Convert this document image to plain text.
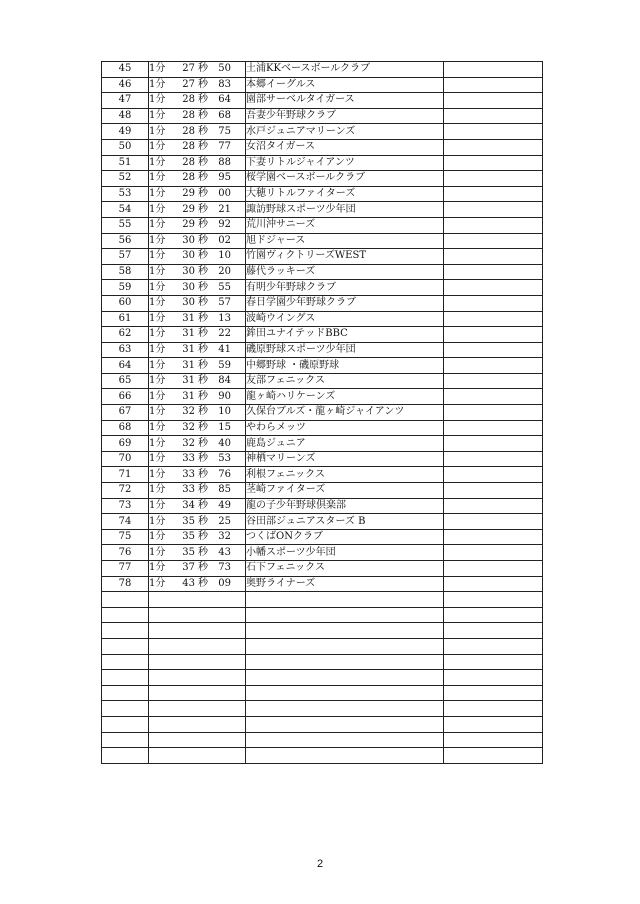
45	1分 27 秒 50	土浦KKベースボールクラブ	
46	1分 27 秒 83	本郷イーグルス	
47	1分 28 秒 64	園部サーベルタイガース	
48	1分 28 秒 68	吾妻少年野球クラブ	
49	1分 28 秒 75	水戸ジュニアマリーンズ	
50	1分 28 秒 77	女沼タイガース	
51	1分 28 秒 88	下妻リトルジャイアンツ	
52	1分 28 秒 95	桜学園ベースボールクラブ	
53	1分 29 秒 00	大穂リトルファイターズ	
54	1分 29 秒 21	諏訪野球スポーツ少年団	
55	1分 29 秒 92	荒川沖サニーズ	
56	1分 30 秒 02	旭ドジャース	
57	1分 30 秒 10	竹園ヴィクトリーズWEST	
58	1分 30 秒 20	藤代ラッキーズ	
59	1分 30 秒 55	有明少年野球クラブ	
60	1分 30 秒 57	春日学園少年野球クラブ	
61	1分 31 秒 13	波崎ウイングス	
62	1分 31 秒 22	鉾田ユナイテッドBBC	
63	1分 31 秒 41	磯原野球スポーツ少年団	
64	1分 31 秒 59	中郷野球 ・磯原野球	
65	1分 31 秒 84	友部フェニックス	
66	1分 31 秒 90	龍ヶ崎ハリケーンズ	
67	1分 32 秒 10	久保台ブルズ・龍ヶ崎ジャイアンツ	
68	1分 32 秒 15	やわらメッツ	
69	1分 32 秒 40	鹿島ジュニア	
70	1分 33 秒 53	神栖マリーンズ	
71	1分 33 秒 76	利根フェニックス	
72	1分 33 秒 85	茎崎ファイターズ	
73	1分 34 秒 49	龍の子少年野球倶楽部	
74	1分 35 秒 25	谷田部ジュニアスターズ B	
75	1分 35 秒 32	つくばONクラブ	
76	1分 35 秒 43	小幡スポーツ少年団	
77	1分 37 秒 73	石下フェニックス	
78	1分 43 秒 09	奥野ライナーズ	

2
